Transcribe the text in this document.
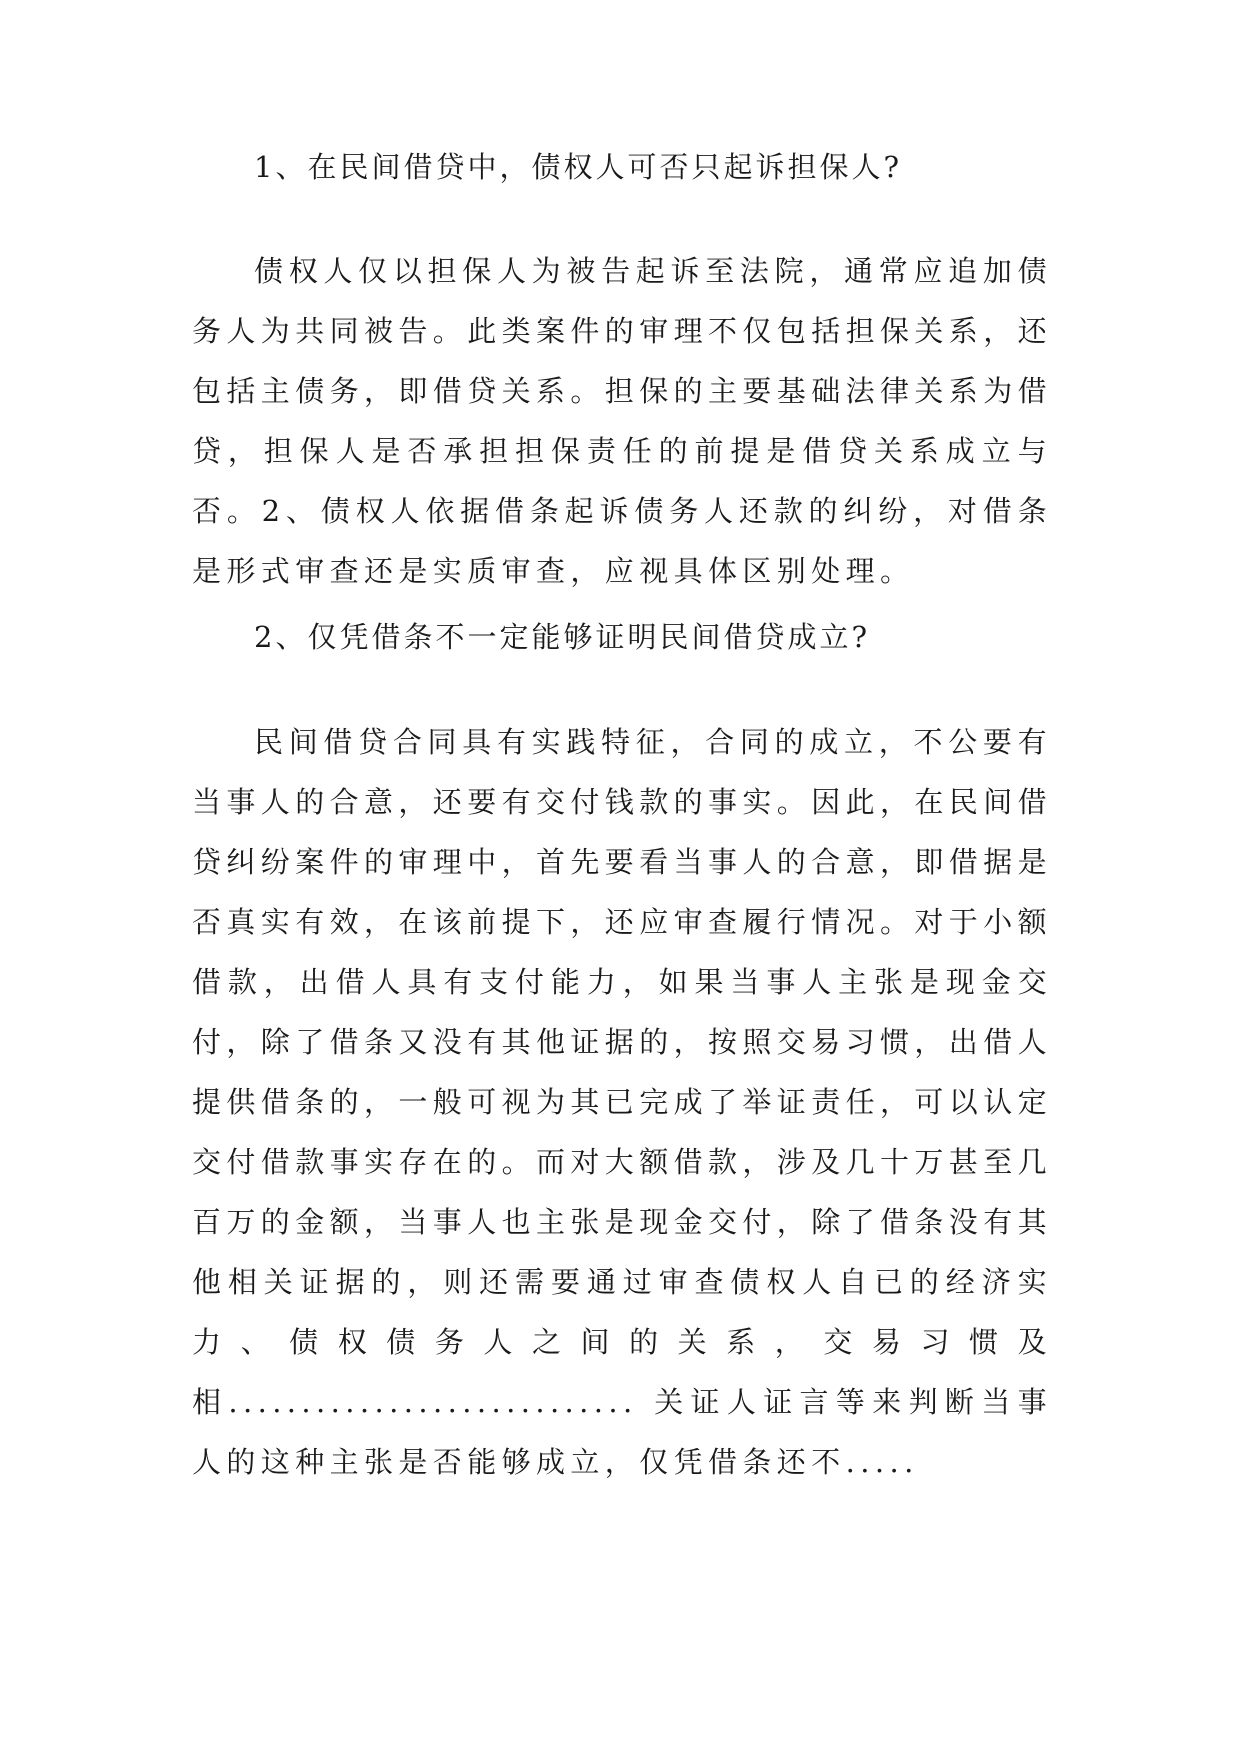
1、在民间借贷中，债权人可否只起诉担保人?

债权人仅以担保人为被告起诉至法院，通常应追加债务人为共同被告。此类案件的审理不仅包括担保关系，还包括主债务，即借贷关系。担保的主要基础法律关系为借贷，担保人是否承担担保责任的前提是借贷关系成立与否。2、债权人依据借条起诉债务人还款的纠纷，对借条是形式审查还是实质审查，应视具体区别处理。

2、仅凭借条不一定能够证明民间借贷成立?

民间借贷合同具有实践特征，合同的成立，不公要有当事人的合意，还要有交付钱款的事实。因此，在民间借贷纠纷案件的审理中，首先要看当事人的合意，即借据是否真实有效，在该前提下，还应审查履行情况。对于小额借款，出借人具有支付能力，如果当事人主张是现金交付，除了借条又没有其他证据的，按照交易习惯，出借人提供借条的，一般可视为其已完成了举证责任，可以认定交付借款事实存在的。而对大额借款，涉及几十万甚至几百万的金额，当事人也主张是现金交付，除了借条没有其他相关证据的，则还需要通过审查债权人自已的经济实力、债权债务人之间的关系，交易习惯及相............................ 关证人证言等来判断当事人的这种主张是否能够成立，仅凭借条还不.....
